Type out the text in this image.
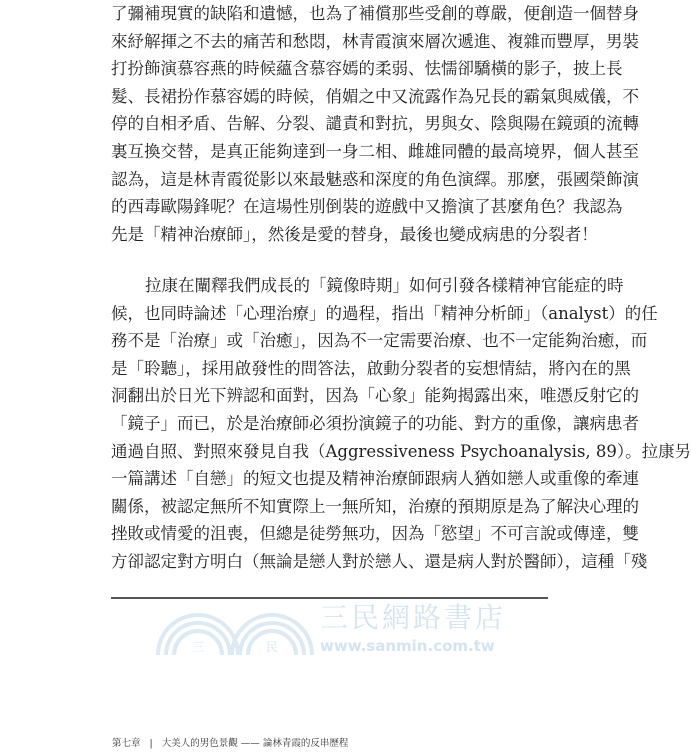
了彌補現實的缺陷和遺憾，也為了補償那些受創的尊嚴，便創造一個替身
來紓解揮之不去的痛苦和愁悶，林青霞演來層次遞進、複雜而豐厚，男裝
打扮飾演慕容燕的時候蘊含慕容嫣的柔弱、怯懦卻驕橫的影子，披上長
髮、長裙扮作慕容嫣的時候，俏媚之中又流露作為兄長的霸氣與威儀，不
停的自相矛盾、告解、分裂、譴責和對抗，男與女、陰與陽在鏡頭的流轉
裏互換交替，是真正能夠達到一身二相、雌雄同體的最高境界，個人甚至
認為，這是林青霞從影以來最魅惑和深度的角色演繹。那麼，張國榮飾演
的西毒歐陽鋒呢？在這場性別倒裝的遊戲中又擔演了甚麼角色？我認為
先是「精神治療師」，然後是愛的替身，最後也變成病患的分裂者！
拉康在闡釋我們成長的「鏡像時期」如何引發各樣精神官能症的時
候，也同時論述「心理治療」的過程，指出「精神分析師」（analyst）的任
務不是「治療」或「治癒」，因為不一定需要治療、也不一定能夠治癒，而
是「聆聽」，採用啟發性的問答法，啟動分裂者的妄想情結，將內在的黑
洞翻出於日光下辨認和面對，因為「心象」能夠揭露出來，唯憑反射它的
「鏡子」而已，於是治療師必須扮演鏡子的功能、對方的重像，讓病患者
通過自照、對照來發見自我（Aggressiveness Psychoanalysis, 89）。拉康另
一篇講述「自戀」的短文也提及精神治療師跟病人猶如戀人或重像的牽連
關係，被認定無所不知實際上一無所知，治療的預期原是為了解決心理的
挫敗或情愛的沮喪，但總是徒勞無功，因為「慾望」不可言說或傳達，雙
方卻認定對方明白（無論是戀人對於戀人、還是病人對於醫師），這種「殘
三	民
三民網路書店
www.sanmin.com.tw
第七章 | 大美人的男色景觀 —— 論林青霞的反串歷程
